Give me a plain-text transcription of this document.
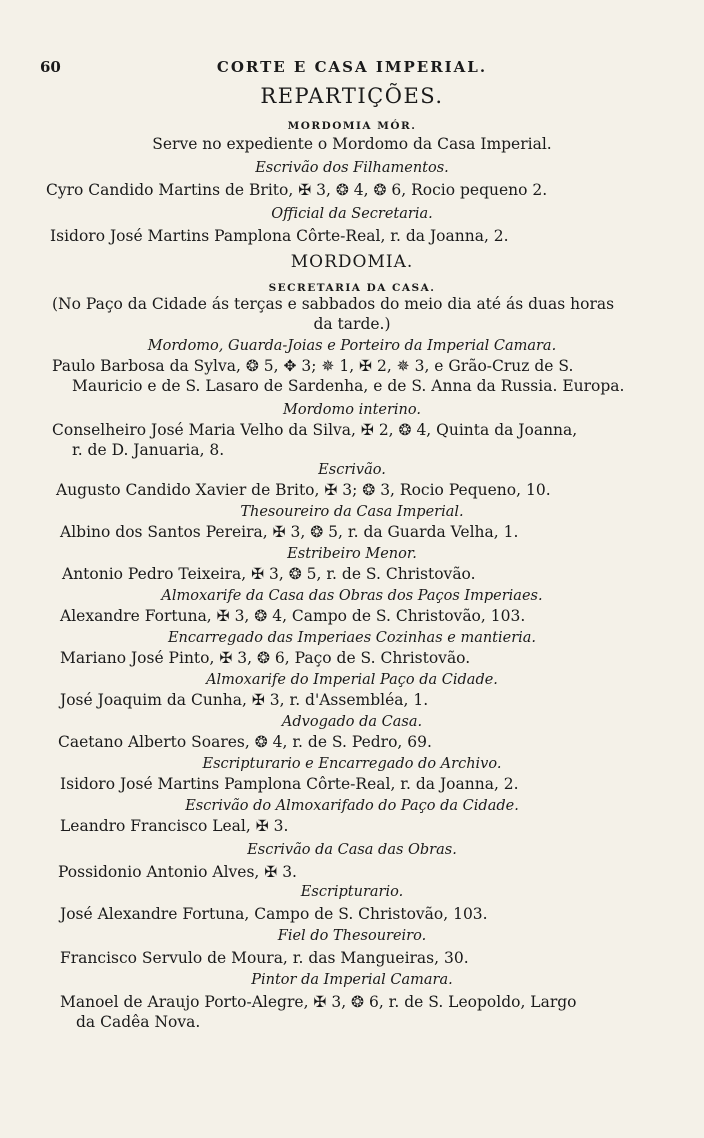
60	CORTE E CASA IMPERIAL.
REPARTIÇÕES.
MORDOMIA MÓR.
Serve no expediente o Mordomo da Casa Imperial.
Escrivão dos Filhamentos.
Cyro Candido Martins de Brito, ✠ 3, ❂ 4, ❂ 6, Rocio pequeno 2.
Official da Secretaria.
Isidoro José Martins Pamplona Côrte-Real, r. da Joanna, 2.
MORDOMIA.
SECRETARIA DA CASA.
(No Paço da Cidade ás terças e sabbados do meio dia até ás duas horas
da tarde.)
Mordomo, Guarda-Joias e Porteiro da Imperial Camara.
Paulo Barbosa da Sylva, ❂ 5, ✥ 3; ✵ 1, ✠ 2, ✵ 3, e Grão-Cruz de S.
Mauricio e de S. Lasaro de Sardenha, e de S. Anna da Russia. Europa.
Mordomo interino.
Conselheiro José Maria Velho da Silva, ✠ 2, ❂ 4, Quinta da Joanna,
r. de D. Januaria, 8.
Escrivão.
Augusto Candido Xavier de Brito, ✠ 3; ❂ 3, Rocio Pequeno, 10.
Thesoureiro da Casa Imperial.
Albino dos Santos Pereira, ✠ 3, ❂ 5, r. da Guarda Velha, 1.
Estribeiro Menor.
Antonio Pedro Teixeira, ✠ 3, ❂ 5, r. de S. Christovão.
Almoxarife da Casa das Obras dos Paços Imperiaes.
Alexandre Fortuna, ✠ 3, ❂ 4, Campo de S. Christovão, 103.
Encarregado das Imperiaes Cozinhas e mantieria.
Mariano José Pinto, ✠ 3, ❂ 6, Paço de S. Christovão.
Almoxarife do Imperial Paço da Cidade.
José Joaquim da Cunha, ✠ 3, r. d'Assembléa, 1.
Advogado da Casa.
Caetano Alberto Soares, ❂ 4, r. de S. Pedro, 69.
Escripturario e Encarregado do Archivo.
Isidoro José Martins Pamplona Côrte-Real, r. da Joanna, 2.
Escrivão do Almoxarifado do Paço da Cidade.
Leandro Francisco Leal, ✠ 3.
Escrivão da Casa das Obras.
Possidonio Antonio Alves, ✠ 3.
Escripturario.
José Alexandre Fortuna, Campo de S. Christovão, 103.
Fiel do Thesoureiro.
Francisco Servulo de Moura, r. das Mangueiras, 30.
Pintor da Imperial Camara.
Manoel de Araujo Porto-Alegre, ✠ 3, ❂ 6, r. de S. Leopoldo, Largo
da Cadêa Nova.
